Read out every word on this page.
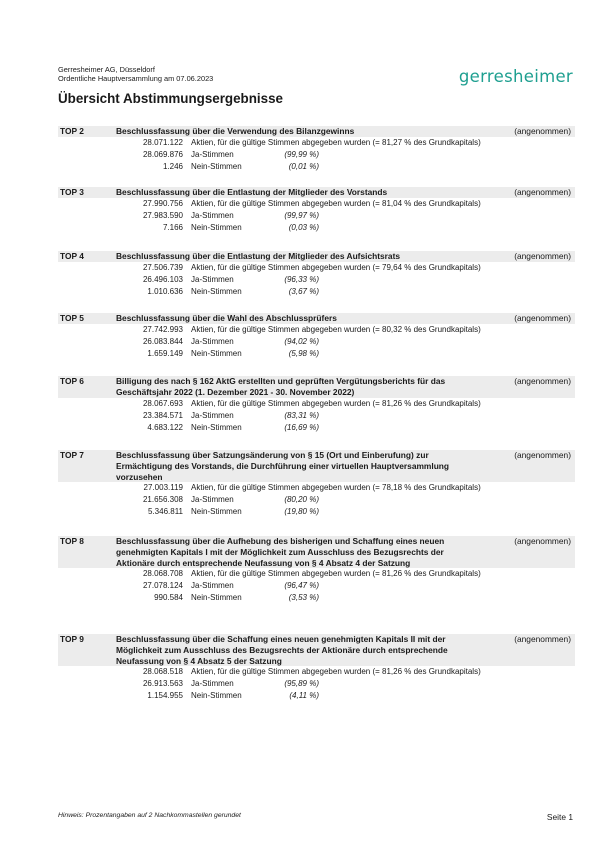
Gerresheimer AG, Düsseldorf
Ordentliche Hauptversammlung am 07.06.2023	gerresheimer
Übersicht Abstimmungsergebnisse
TOP 2	Beschlussfassung über die Verwendung des Bilanzgewinns	(angenommen)
28.071.122 Aktien, für die gültige Stimmen abgegeben wurden (= 81,27 % des Grundkapitals)
28.069.876 Ja-Stimmen	(99,99 %)
1.246 Nein-Stimmen	(0,01 %)
TOP 3	Beschlussfassung über die Entlastung der Mitglieder des Vorstands	(angenommen)
27.990.756 Aktien, für die gültige Stimmen abgegeben wurden (= 81,04 % des Grundkapitals)
27.983.590 Ja-Stimmen	(99,97 %)
7.166 Nein-Stimmen	(0,03 %)
TOP 4	Beschlussfassung über die Entlastung der Mitglieder des Aufsichtsrats	(angenommen)
27.506.739 Aktien, für die gültige Stimmen abgegeben wurden (= 79,64 % des Grundkapitals)
26.496.103 Ja-Stimmen	(96,33 %)
1.010.636 Nein-Stimmen	(3,67 %)
TOP 5	Beschlussfassung über die Wahl des Abschlussprüfers	(angenommen)
27.742.993 Aktien, für die gültige Stimmen abgegeben wurden (= 80,32 % des Grundkapitals)
26.083.844 Ja-Stimmen	(94,02 %)
1.659.149 Nein-Stimmen	(5,98 %)
TOP 6	Billigung des nach § 162 AktG erstellten und geprüften Vergütungsberichts für das Geschäftsjahr 2022 (1. Dezember 2021 - 30. November 2022)
(angenommen)
28.067.693 Aktien, für die gültige Stimmen abgegeben wurden (= 81,26 % des Grundkapitals)
23.384.571 Ja-Stimmen	(83,31 %)
4.683.122 Nein-Stimmen	(16,69 %)
TOP 7	Beschlussfassung über Satzungsänderung von § 15 (Ort und Einberufung) zur Ermächtigung des Vorstands, die Durchführung einer virtuellen Hauptversammlung vorzusehen
(angenommen)
27.003.119 Aktien, für die gültige Stimmen abgegeben wurden (= 78,18 % des Grundkapitals)
21.656.308 Ja-Stimmen	(80,20 %)
5.346.811 Nein-Stimmen	(19,80 %)
TOP 8	Beschlussfassung über die Aufhebung des bisherigen und Schaffung eines neuen genehmigten Kapitals I mit der Möglichkeit zum Ausschluss des Bezugsrechts der Aktionäre durch entsprechende Neufassung von § 4 Absatz 4 der Satzung
(angenommen)
28.068.708 Aktien, für die gültige Stimmen abgegeben wurden (= 81,26 % des Grundkapitals)
27.078.124 Ja-Stimmen	(96,47 %)
990.584 Nein-Stimmen	(3,53 %)
TOP 9	Beschlussfassung über die Schaffung eines neuen genehmigten Kapitals II mit der Möglichkeit zum Ausschluss des Bezugsrechts der Aktionäre durch entsprechende Neufassung von § 4 Absatz 5 der Satzung
(angenommen)
28.068.518 Aktien, für die gültige Stimmen abgegeben wurden (= 81,26 % des Grundkapitals)
26.913.563 Ja-Stimmen	(95,89 %)
1.154.955 Nein-Stimmen	(4,11 %)
Hinweis: Prozentangaben auf 2 Nachkommastellen gerundet	Seite 1
